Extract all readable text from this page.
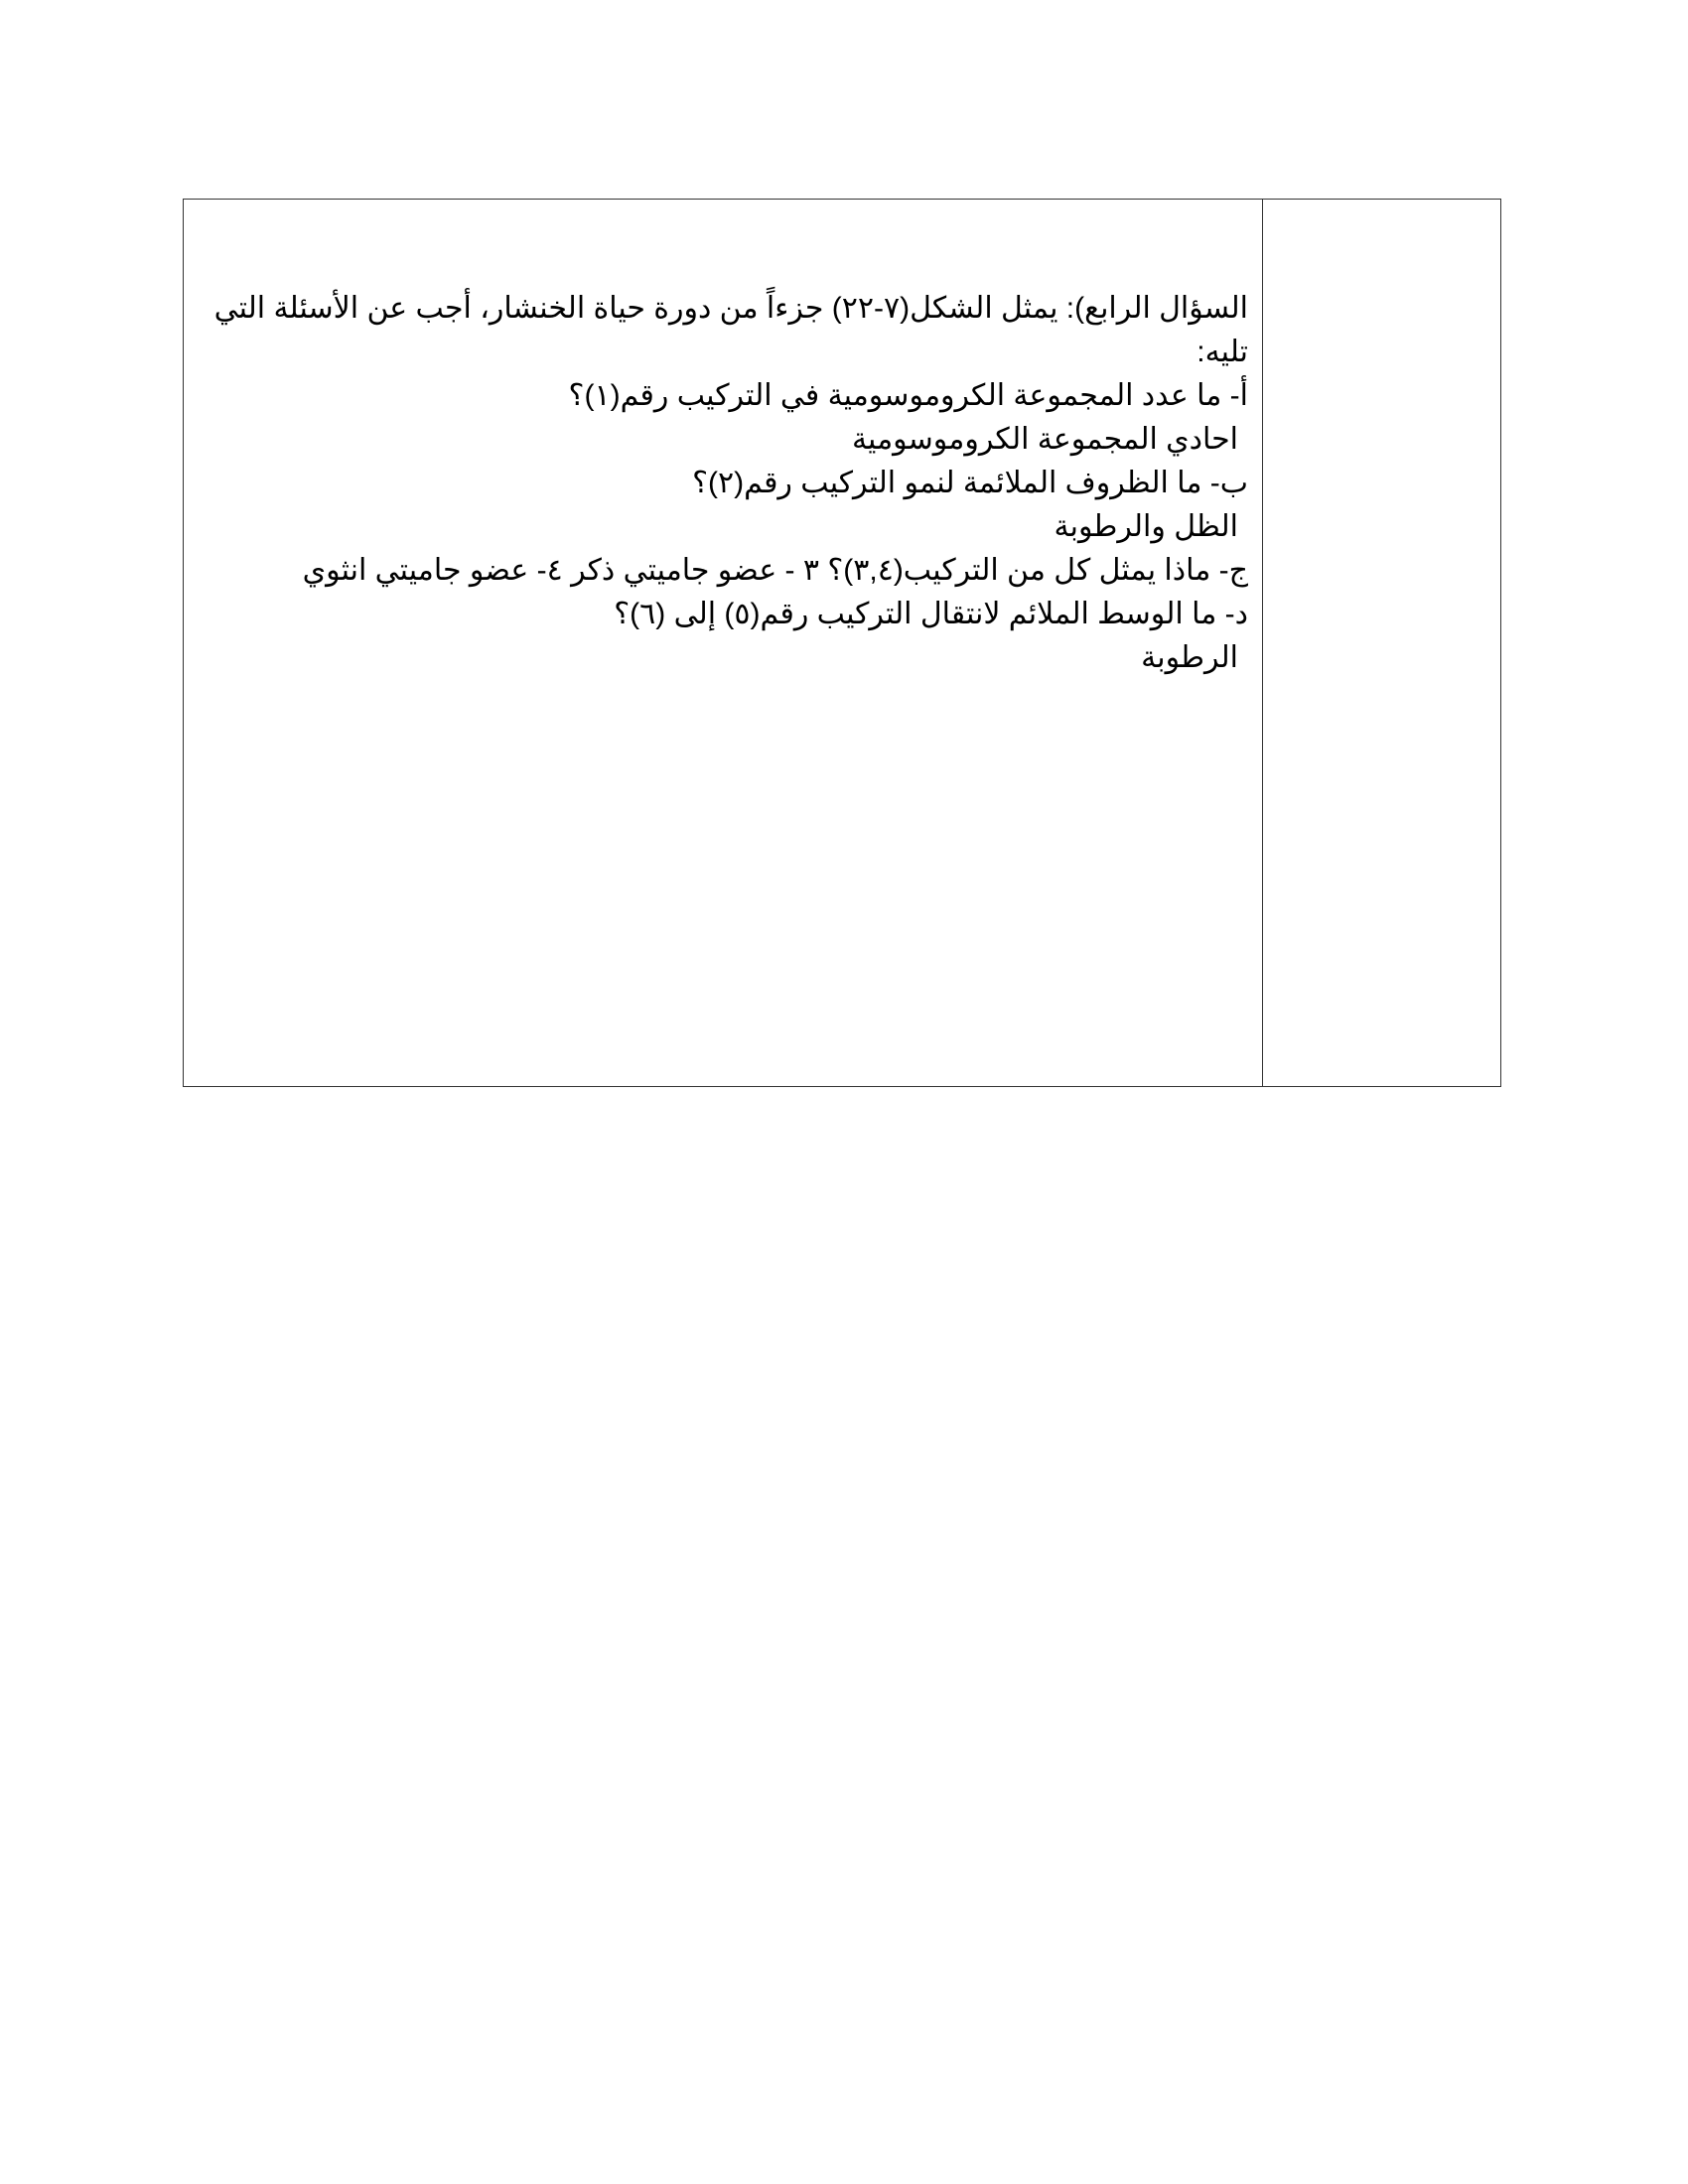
السؤال الرابع): يمثل الشكل(٧-٢٢) جزءاً من دورة حياة الخنشار، أجب عن الأسئلة التي تليه:
أ- ما عدد المجموعة الكروموسومية في التركيب رقم(١)؟
احادي المجموعة الكروموسومية
ب- ما الظروف الملائمة لنمو التركيب رقم(٢)؟
الظل والرطوبة
ج- ماذا يمثل كل من التركيب(٣,٤)؟ ٣ - عضو جاميتي ذكر ٤- عضو جاميتي انثوي
د- ما الوسط الملائم لانتقال التركيب رقم(٥) إلى (٦)؟
الرطوبة
